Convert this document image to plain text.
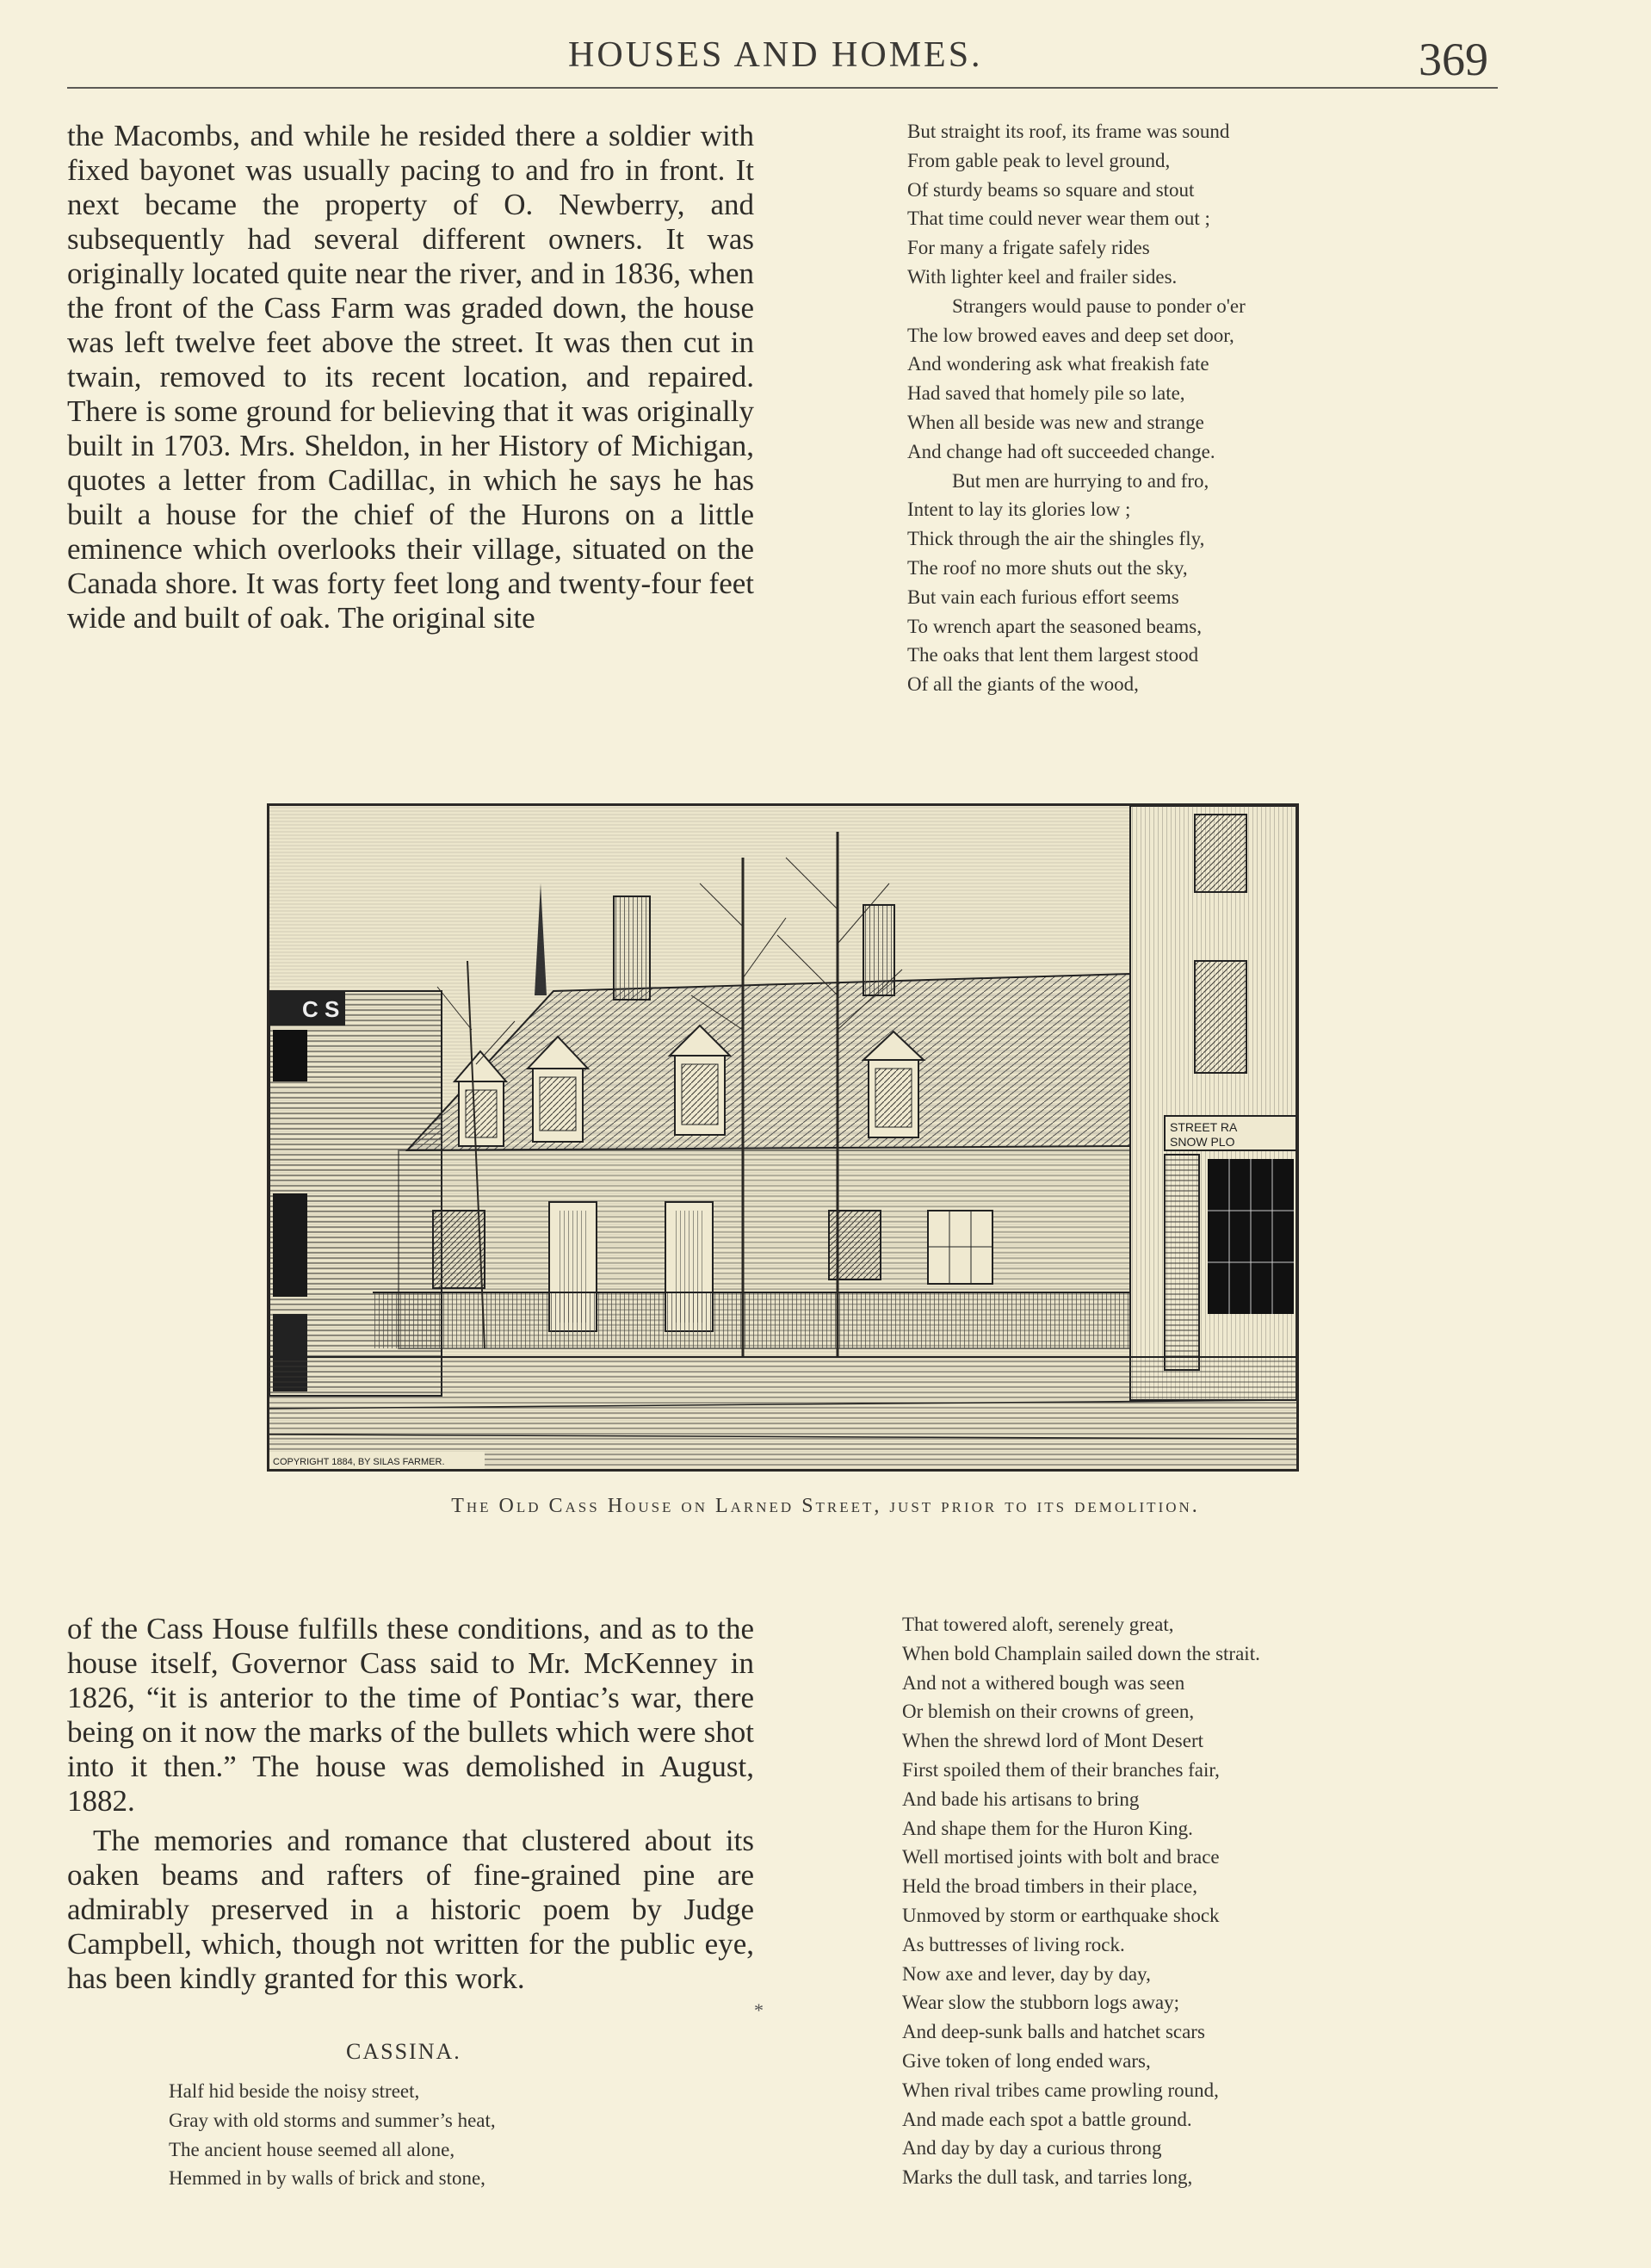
HOUSES AND HOMES.	369

the Macombs, and while he resided there a soldier with fixed bayonet was usually pacing to and fro in front. It next became the property of O. Newberry, and subsequently had several different owners. It was originally located quite near the river, and in 1836, when the front of the Cass Farm was graded down, the house was left twelve feet above the street. It was then cut in twain, removed to its recent location, and repaired. There is some ground for believing that it was originally built in 1703. Mrs. Sheldon, in her History of Michigan, quotes a letter from Cadillac, in which he says he has built a house for the chief of the Hurons on a little eminence which overlooks their village, situated on the Canada shore. It was forty feet long and twenty-four feet wide and built of oak. The original site

But straight its roof, its frame was sound
From gable peak to level ground,
Of sturdy beams so square and stout
That time could never wear them out ;
For many a frigate safely rides
With lighter keel and frailer sides.
Strangers would pause to ponder o'er
The low browed eaves and deep set door,
And wondering ask what freakish fate
Had saved that homely pile so late,
When all beside was new and strange
And change had oft succeeded change.
But men are hurrying to and fro,
Intent to lay its glories low ;
Thick through the air the shingles fly,
The roof no more shuts out the sky,
But vain each furious effort seems
To wrench apart the seasoned beams,
The oaks that lent them largest stood
Of all the giants of the wood,
C S
STREET RA
SNOW PLO
COPYRIGHT 1884, BY SILAS FARMER.
The Old Cass House on Larned Street, just prior to its demolition.

of the Cass House fulfills these conditions, and as to the house itself, Governor Cass said to Mr. McKenney in 1826, “it is anterior to the time of Pontiac’s war, there being on it now the marks of the bullets which were shot into it then.” The house was demolished in August, 1882.

The memories and romance that clustered about its oaken beams and rafters of fine-grained pine are admirably preserved in a historic poem by Judge Campbell, which, though not written for the public eye, has been kindly granted for this work.

*
CASSINA.
Half hid beside the noisy street,
Gray with old storms and summer’s heat,
The ancient house seemed all alone,
Hemmed in by walls of brick and stone,
That towered aloft, serenely great,
When bold Champlain sailed down the strait.
And not a withered bough was seen
Or blemish on their crowns of green,
When the shrewd lord of Mont Desert
First spoiled them of their branches fair,
And bade his artisans to bring
And shape them for the Huron King.
Well mortised joints with bolt and brace
Held the broad timbers in their place,
Unmoved by storm or earthquake shock
As buttresses of living rock.
Now axe and lever, day by day,
Wear slow the stubborn logs away;
And deep-sunk balls and hatchet scars
Give token of long ended wars,
When rival tribes came prowling round,
And made each spot a battle ground.
And day by day a curious throng
Marks the dull task, and tarries long,
